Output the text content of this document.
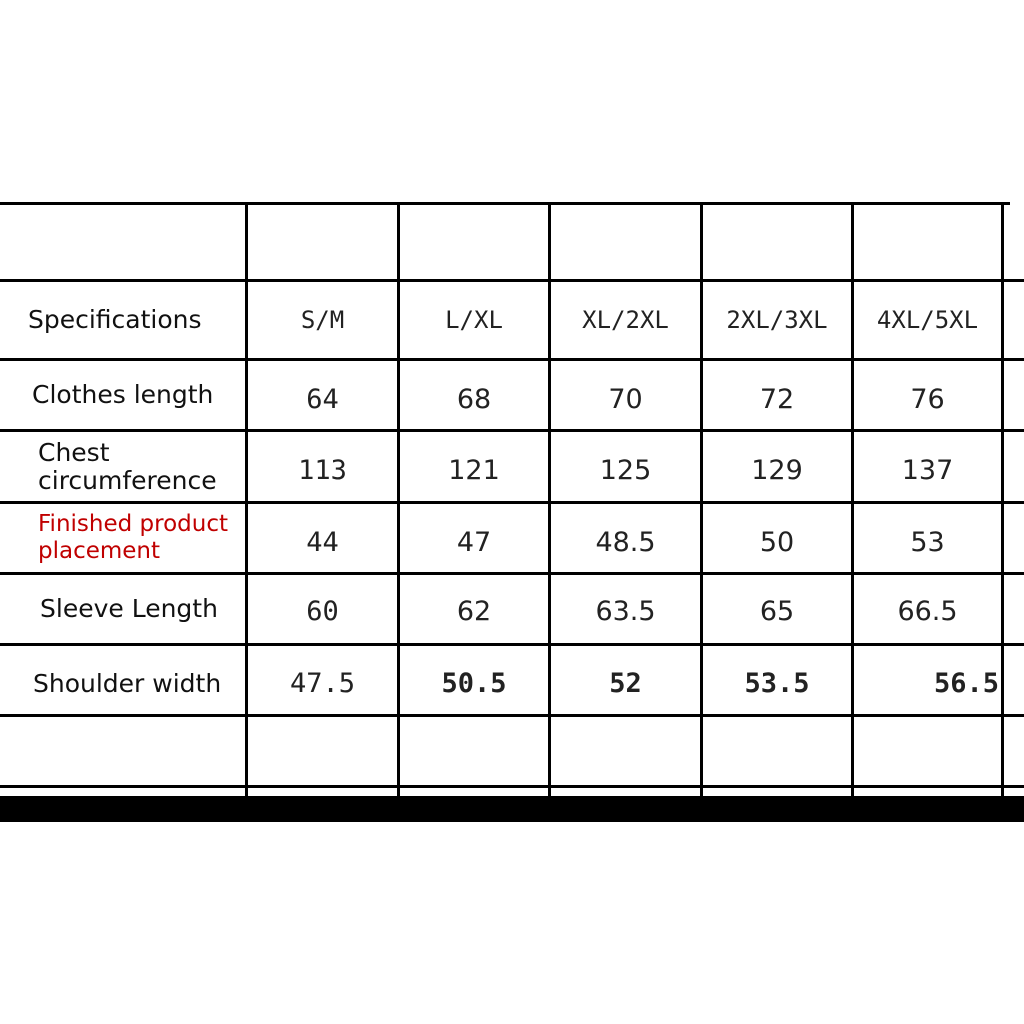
Specifications	S/M	L/XL	XL/2XL	2XL/3XL	4XL/5XL
Clothes length	64	68	70	72	76
Chest
circumference	113	121	125	129	137
Finished product
placement	44	47	48.5	50	53
Sleeve Length	60	62	63.5	65	66.5
Shoulder width	47.5	50.5	52	53.5	56.5
